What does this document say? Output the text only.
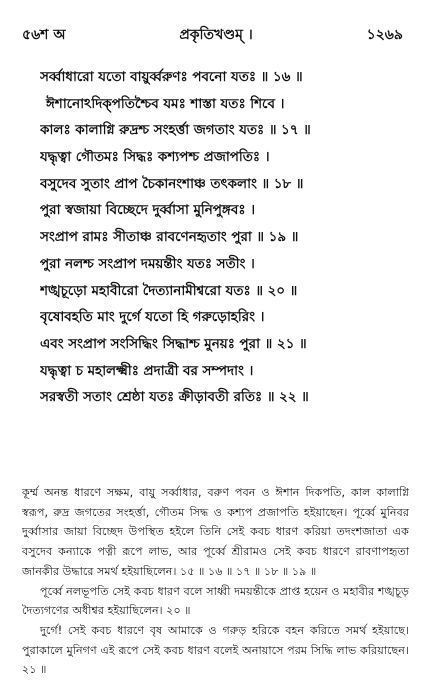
৫৬শ অ	প্রকৃতিখণ্ডম্‌ ।	১২৬৯
সর্ব্বাধারো যতো বায়ুর্ব্বরুণঃ পবনো যতঃ ॥ ১৬ ॥
ঈশানোঽদিক্‌পতিশ্চৈব যমঃ শাস্তা যতঃ শিবে ।
কালঃ কালাগ্নি রুদ্রশ্চ সংহর্ত্তা জগতাং যতঃ ॥ ১৭ ॥
যদ্ধৃত্বা গৌতমঃ সিদ্ধঃ কশ্যপশ্চ প্রজাপতিঃ ।
বসুদেব সুতাং প্রাপ চৈকানংশাঞ্চ তৎকলাং ॥ ১৮ ॥
পুরা স্বজায়া বিচ্ছেদে দুর্ব্বাসা মুনিপুঙ্গবঃ ।
সংপ্রাপ রামঃ সীতাঞ্চ রাবণেনহৃতাং পুরা ॥ ১৯ ॥
পুরা নলশ্চ সংপ্রাপ দময়ন্তীং যতঃ সতীং ।
শঙ্খচূড়ো মহাবীরো দৈত্যানামীশ্বরো যতঃ ॥ ২০ ॥
বৃষোবহতি মাং দুর্গে যতো হি গরুড়োহরিং ।
এবং সংপ্রাপ সংসিদ্ধিং সিদ্ধাশ্চ মুনয়ঃ পুরা ॥ ২১ ॥
যদ্ধৃত্বা চ মহালক্ষ্মীঃ প্রদাত্রী বর সম্পদাং ।
সরস্বতী সতাং শ্রেষ্ঠা যতঃ ক্রীড়াবতী রতিঃ ॥ ২২ ॥

কূর্ম্ম অনন্ত ধারণে সক্ষম, বায়ু সর্ব্বাধার, বরুণ পবন ও ঈশান দিকপতি, কাল কালাগ্নি স্বরূপ, রুদ্র জগতের সংহর্ত্তা, গৌতম সিদ্ধ ও কশ্যপ প্রজাপতি হইয়াছেন। পূর্ব্বে মুনিবর দুর্ব্বাসার জায়া বিচ্ছেদ উপস্থিত হইলে তিনি সেই কবচ ধারণ করিয়া তদংশজাতা এক বসুদেব কন্যাকে পত্নী রূপে লাভ, আর পূর্ব্বে শ্রীরামও সেই কবচ ধারণে রাবণাপহৃতা জানকীর উদ্ধারে সমর্থ হইয়াছিলেন। ১৫ ॥ ১৬ ॥ ১৭ ॥ ১৮ ॥ ১৯ ॥

পূর্ব্বে নলভূপতি সেই কবচ ধারণ বলে সাধ্বী দময়ন্তীকে প্রাপ্ত হয়েন ও মহাবীর শঙ্খচূড় দৈত্যগণের অধীশ্বর হইয়াছিলেন। ২০ ॥

দুর্গে! সেই কবচ ধারণে বৃষ আমাকে ও গরুড় হরিকে বহন করিতে সমর্থ হইয়াছে। পুরাকালে মুনিগণ এই রূপে সেই কবচ ধারণ বলেই অনায়াসে পরম সিদ্ধি লাভ করিয়াছেন। ২১ ॥
